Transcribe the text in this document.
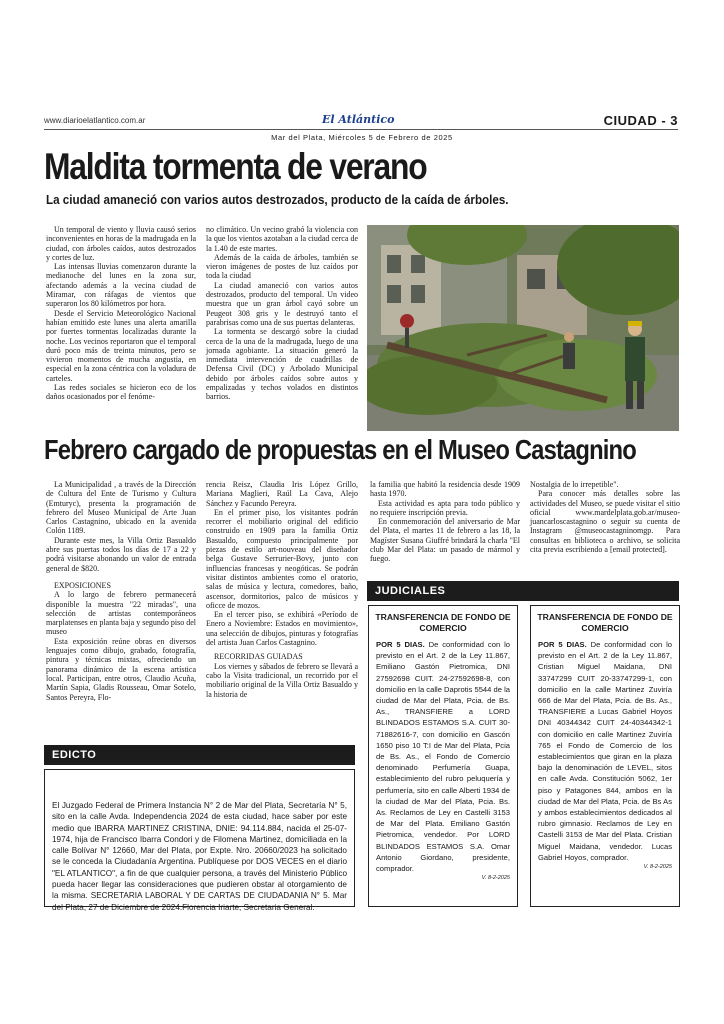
www.diarioelatlantico.com.ar	El Atlántico	CIUDAD - 3
Mar del Plata, Miércoles 5 de Febrero de 2025
Maldita tormenta de verano
La ciudad amaneció con varios autos destrozados, producto de la caída de árboles.

Un temporal de viento y lluvia causó serios inconvenientes en horas de la madrugada en la ciudad, con árboles caídos, autos destrozados y cortes de luz.

Las intensas lluvias comenzaron durante la medianoche del lunes en la zona sur, afectando además a la vecina ciudad de Miramar, con ráfagas de vientos que superaron los 80 kilómetros por hora.

Desde el Servicio Meteorológico Nacional habían emitido este lunes una alerta amarilla por fuertes tormentas localizadas durante la noche. Los vecinos reportaron que el temporal duró poco más de treinta minutos, pero se vivieron momentos de mucha angustia, en especial en la zona céntrica con la voladura de carteles.

Las redes sociales se hicieron eco de los daños ocasionados por el fenóme-

no climático. Un vecino grabó la violencia con la que los vientos azotaban a la ciudad cerca de la 1.40 de este martes.

Además de la caída de árboles, también se vieron imágenes de postes de luz caídos por toda la ciudad

La ciudad amaneció con varios autos destrozados, producto del temporal. Un video muestra que un gran árbol cayó sobre un Peugeot 308 gris y le destruyó tanto el parabrisas como una de sus puertas delanteras.

La tormenta se descargó sobre la ciudad cerca de la una de la madrugada, luego de una jornada agobiante. La situación generó la inmediata intervención de cuadrillas de Defensa Civil (DC) y Arbolado Municipal debido por árboles caídos sobre autos y empalizadas y techos volados en distintos barrios.

Febrero cargado de propuestas en el Museo Castagnino

La Municipalidad , a través de la Dirección de Cultura del Ente de Turismo y Cultura (Emturyc), presenta la programación de febrero del Museo Municipal de Arte Juan Carlos Castagnino, ubicado en la avenida Colón 1189.

Durante este mes, la Villa Ortiz Basualdo abre sus puertas todos los días de 17 a 22 y podrá visitarse abonando un valor de entrada general de $820.

EXPOSICIONES

A lo largo de febrero permanecerá disponible la muestra "22 miradas", una selección de artistas contemporáneos marplatenses en planta baja y segundo piso del museo

Esta exposición reúne obras en diversos lenguajes como dibujo, grabado, fotografía, pintura y técnicas mixtas, ofreciendo un panorama dinámico de la escena artística local. Participan, entre otros, Claudio Acuña, Martín Sapia, Gladis Rousseau, Omar Sotelo, Santos Pereyra, Flo-

rencia Reisz, Claudia Iris López Grillo, Mariana Maglieri, Raúl La Cava, Alejo Sánchez y Facundo Pereyra.

En el primer piso, los visitantes podrán recorrer el mobiliario original del edificio construido en 1909 para la familia Ortiz Basualdo, compuesto principalmente por piezas de estilo art-nouveau del diseñador belga Gustave Serrurier-Bovy, junto con influencias francesas y neogóticas. Se podrán visitar distintos ambientes como el oratorio, salas de música y lectura, comedores, baño, ascensor, dormitorios, palco de músicos y oficce de mozos.

En el tercer piso, se exhibirá «Período de Enero a Noviembre: Estados en movimiento», una selección de dibujos, pinturas y fotografías del artista Juan Carlos Castagnino.

RECORRIDAS GUIADAS

Los viernes y sábados de febrero se llevará a cabo la Visita tradicional, un recorrido por el mobiliario original de la Villa Ortiz Basualdo y la historia de

la familia que habitó la residencia desde 1909 hasta 1970.

Esta actividad es apta para todo público y no requiere inscripción previa.

En conmemoración del aniversario de Mar del Plata, el martes 11 de febrero a las 18, la Magíster Susana Giuffré brindará la charla "El club Mar del Plata: un pasado de mármol y fuego.

Nostalgia de lo irrepetible".

Para conocer más detalles sobre las actividades del Museo, se puede visitar el sitio oficial www.mardelplata.gob.ar/museo-juancarloscastagnino o seguir su cuenta de Instagram @museocastagninomgp. Para consultas en biblioteca o archivo, se solicita cita previa escribiendo a [email protected].

EDICTO
El Juzgado Federal de Primera Instancia N° 2 de Mar del Plata, Secretaría N° 5, sito en la calle Avda. Independencia 2024 de esta ciudad, hace saber por este medio que IBARRA MARTINEZ CRISTINA, DNIE: 94.114.884, nacida el 25-07-1974, hija de Francisco Ibarra Condori y de Filomena Martinez, domiciliada en la calle Bolívar N° 12660, Mar del Plata, por Expte. Nro. 20660/2023 ha solicitado se le conceda la Ciudadanía Argentina. Publíquese por DOS VECES en el diario "EL ATLANTICO", a fin de que cualquier persona, a través del Ministerio Público pueda hacer llegar las consideraciones que pudieren obstar al otorgamiento de la misma. SECRETARIA LABORAL Y DE CARTAS DE CIUDADANIA N° 5. Mar del Plata, 27 de Diciembre de 2024.Florencia Iriarte, Secretaria General.
JUDICIALES
TRANSFERENCIA DE FONDO DE COMERCIO
POR 5 DIAS. De conformidad con lo previsto en el Art. 2 de la Ley 11.867, Emiliano Gastón Pietromica, DNI 27592698 CUIT. 24-27592698-8, con domicilio en la calle Daprotis 5544 de la ciudad de Mar del Plata, Pcia. de Bs. As., TRANSFIERE a LORD BLINDADOS ESTAMOS S.A. CUIT 30-71882616-7, con domicilio en Gascón 1650 piso 10 T:I de Mar del Plata, Pcia de Bs. As., el Fondo de Comercio denominado Perfumería Guapa, establecimiento del rubro peluquería y perfumería, sito en calle Alberti 1934 de la ciudad de Mar del Plata, Pcia. Bs. As. Reclamos de Ley en Castelli 3153 de Mar del Plata. Emiliano Gastón Pietromica, vendedor. Por LORD BLINDADOS ESTAMOS S.A. Omar Antonio Giordano, presidente, comprador.
V. 8-2-2025
TRANSFERENCIA DE FONDO DE COMERCIO
POR 5 DIAS. De conformidad con lo previsto en el Art. 2 de la Ley 11.867, Cristian Miguel Maidana, DNI 33747299 CUIT 20-33747299-1, con domicilio en la calle Martinez Zuviría 666 de Mar del Plata, Pcia. de Bs. As., TRANSFIERE a Lucas Gabriel Hoyos DNI 40344342 CUIT 24-40344342-1 con domicilio en calle Martinez Zuviría 765 el Fondo de Comercio de los establecimientos que giran en la plaza bajo la denominación de LEVEL, sitos en calle Avda. Constitución 5062, 1er piso y Patagones 844, ambos en la ciudad de Mar del Plata, Pcia. de Bs As y ambos establecimientos dedicados al rubro gimnasio. Reclamos de Ley en Castelli 3153 de Mar del Plata. Cristian Miguel Maidana, vendedor. Lucas Gabriel Hoyos, comprador.
V. 8-2-2025
